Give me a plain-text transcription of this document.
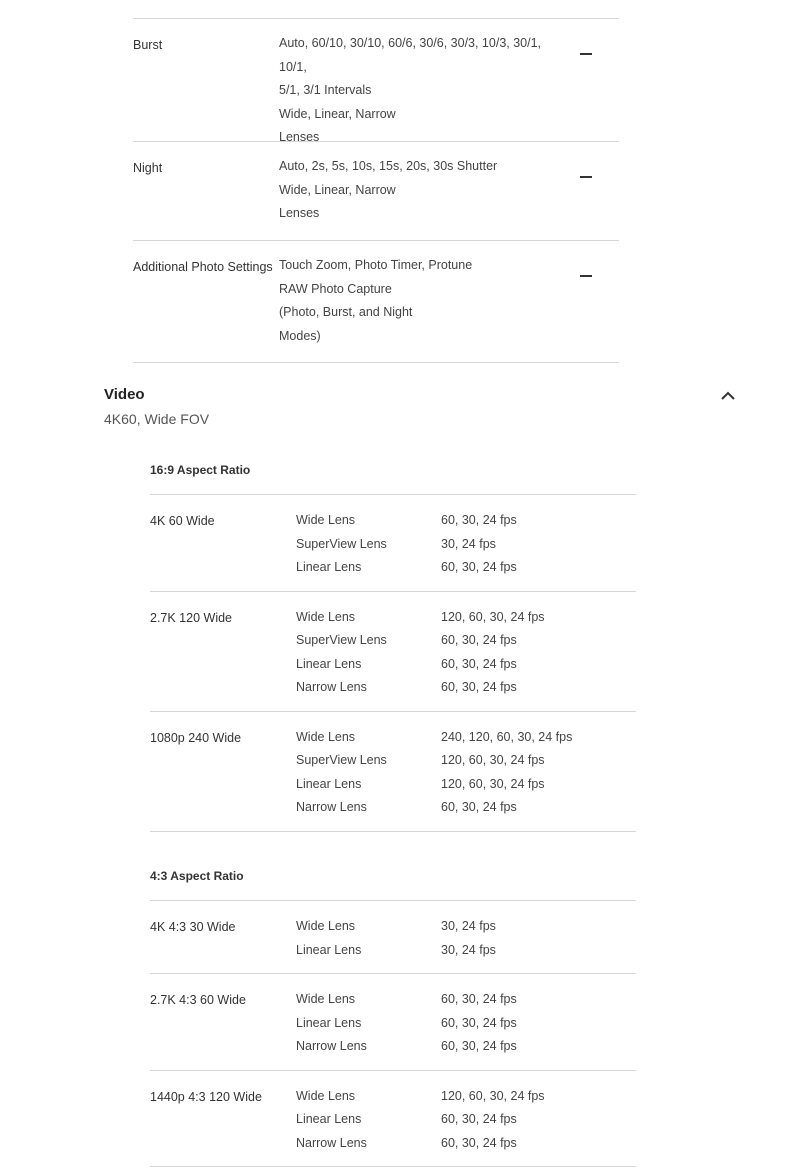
Burst	Auto, 60/10, 30/10, 60/6, 30/6, 30/3, 10/3, 30/1, 10/1,
5/1, 3/1 Intervals
Wide, Linear, Narrow
Lenses
Night	Auto, 2s, 5s, 10s, 15s, 20s, 30s Shutter
Wide, Linear, Narrow
Lenses
Additional Photo Settings Touch Zoom, Photo Timer, Protune
RAW Photo Capture
(Photo, Burst, and Night
Modes)
Video
4K60, Wide FOV
16:9 Aspect Ratio
4K 60 Wide	Wide Lens	60, 30, 24 fps
SuperView Lens	30, 24 fps
Linear Lens	60, 30, 24 fps
2.7K 120 Wide	Wide Lens	120, 60, 30, 24 fps
SuperView Lens	60, 30, 24 fps
Linear Lens	60, 30, 24 fps
Narrow Lens	60, 30, 24 fps
1080p 240 Wide	Wide Lens	240, 120, 60, 30, 24 fps
SuperView Lens	120, 60, 30, 24 fps
Linear Lens	120, 60, 30, 24 fps
Narrow Lens	60, 30, 24 fps
4:3 Aspect Ratio
4K 4:3 30 Wide	Wide Lens	30, 24 fps
Linear Lens	30, 24 fps
2.7K 4:3 60 Wide	Wide Lens	60, 30, 24 fps
Linear Lens	60, 30, 24 fps
Narrow Lens	60, 30, 24 fps
1440p 4:3 120 Wide	Wide Lens	120, 60, 30, 24 fps
Linear Lens	60, 30, 24 fps
Narrow Lens	60, 30, 24 fps
